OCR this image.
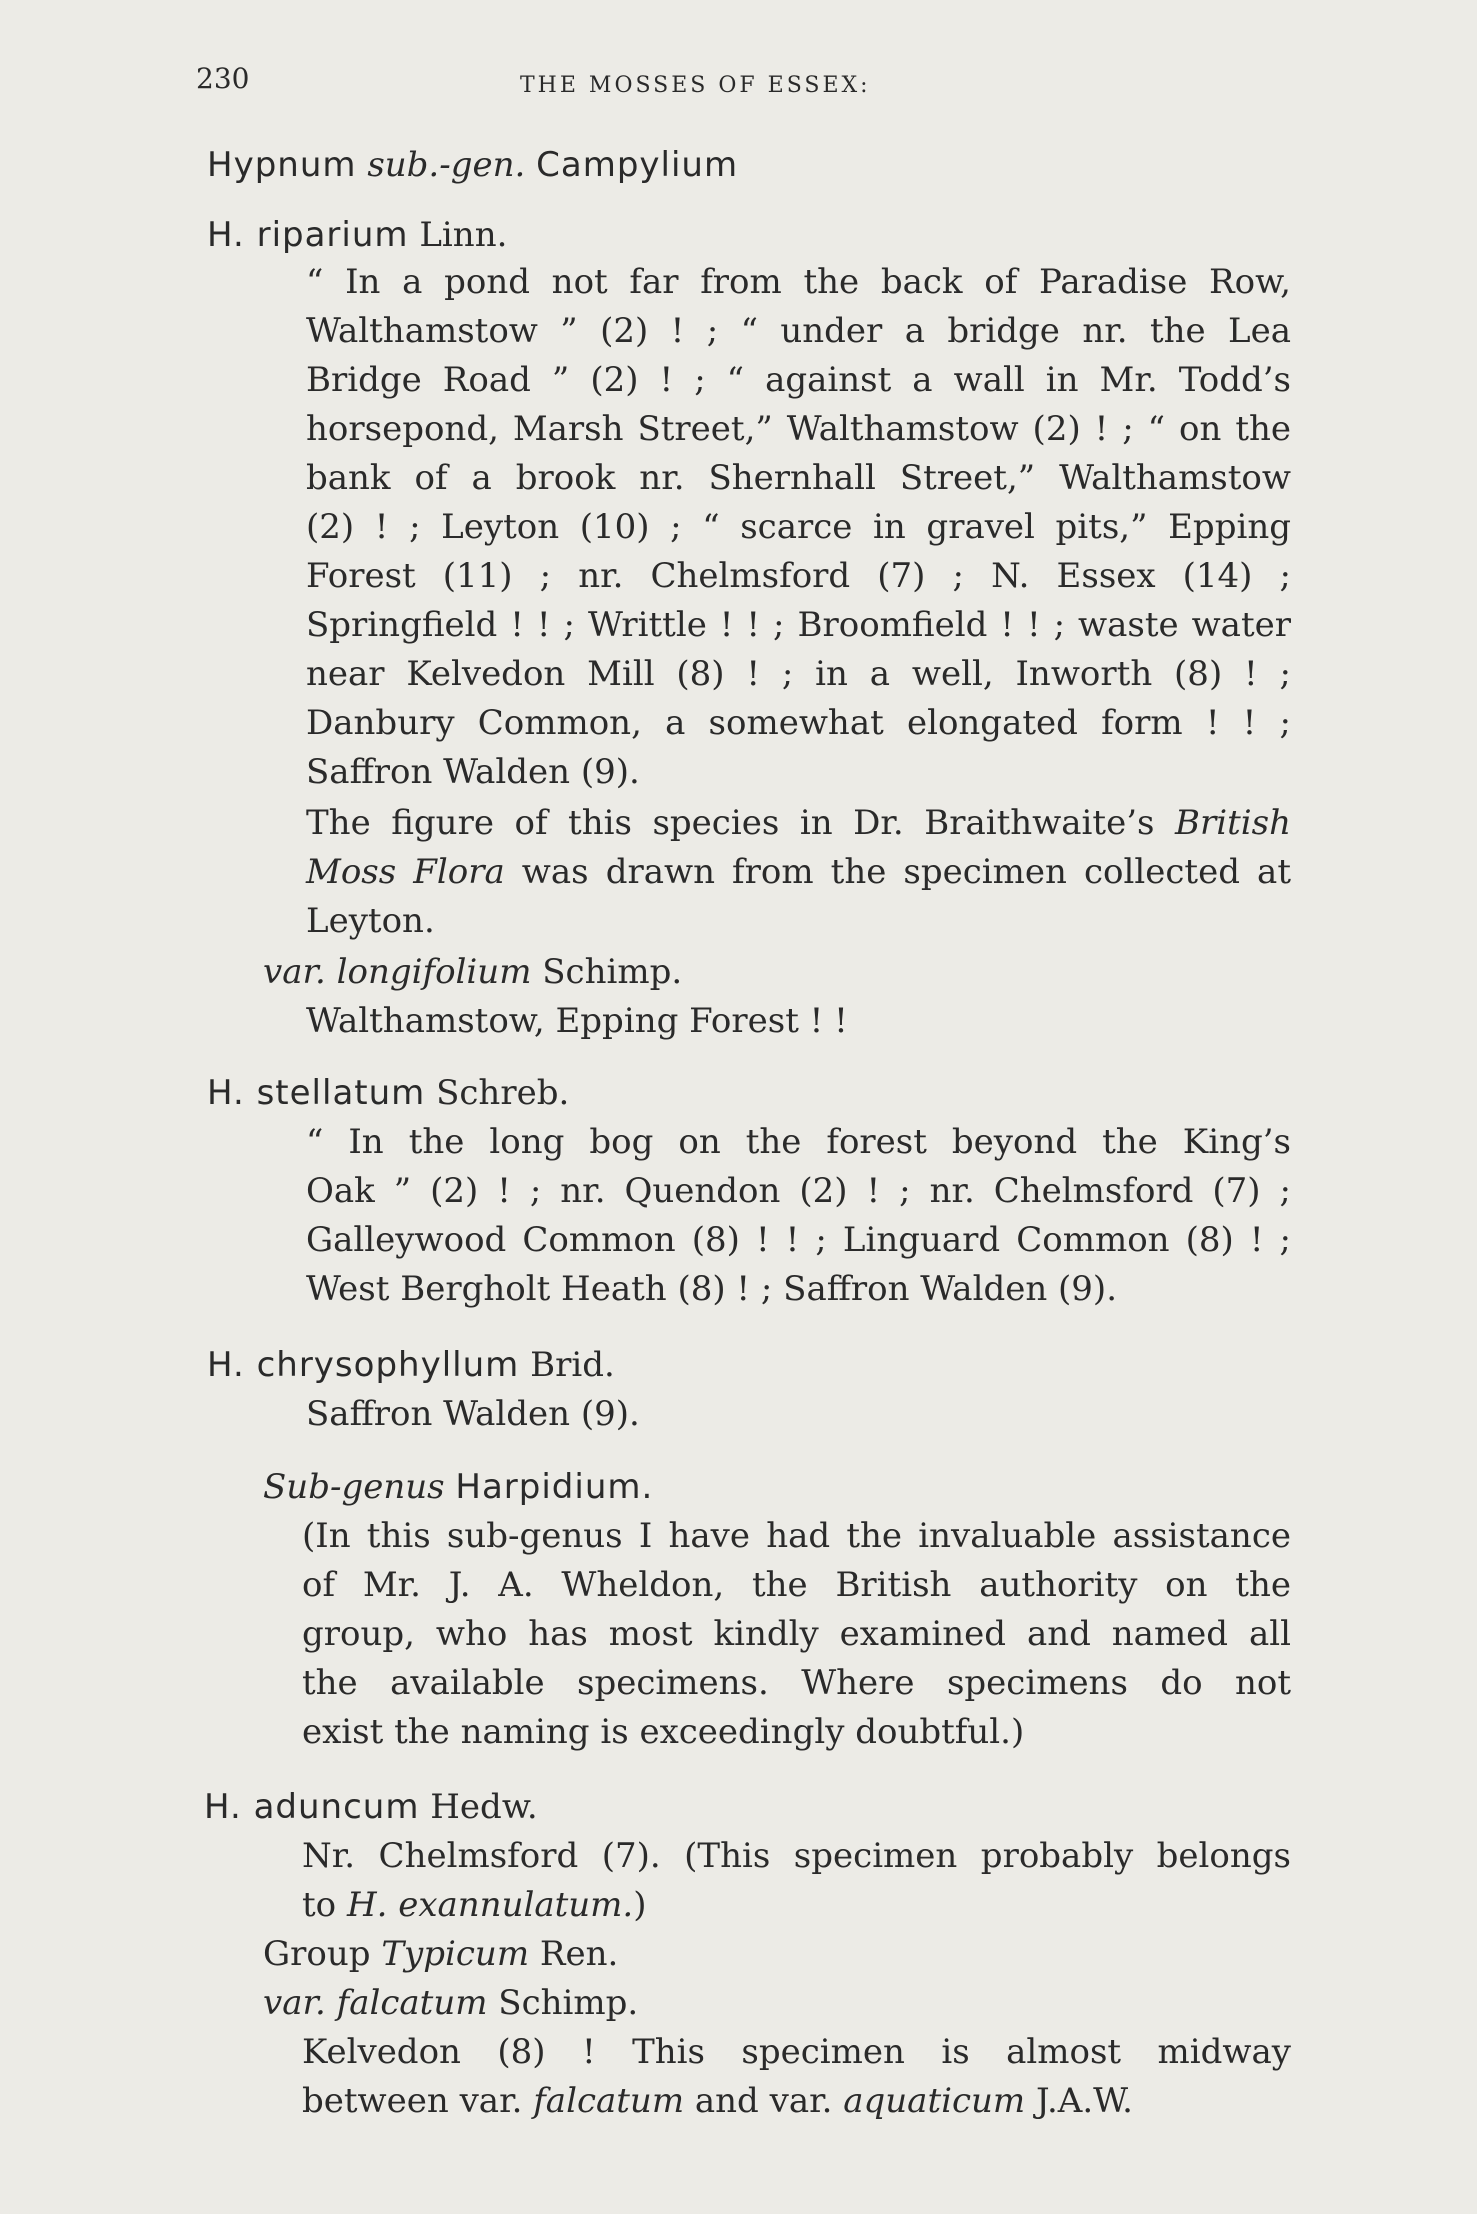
230	THE MOSSES OF ESSEX:
Hypnum sub.-gen. Campylium
H. riparium Linn.
“ In a pond not far from the back of Paradise Row,
Walthamstow ” (2) ! ; “ under a bridge nr. the Lea
Bridge Road ” (2) ! ; “ against a wall in Mr. Todd’s
horsepond, Marsh Street,” Walthamstow (2) ! ; “ on the
bank of a brook nr. Shernhall Street,” Walthamstow
(2) ! ; Leyton (10) ; “ scarce in gravel pits,” Epping
Forest (11) ; nr. Chelmsford (7) ; N. Essex (14) ;
Springfield ! ! ; Writtle ! ! ; Broomfield ! ! ; waste water
near Kelvedon Mill (8) ! ; in a well, Inworth (8) ! ;
Danbury Common, a somewhat elongated form ! ! ;
Saffron Walden (9).
The figure of this species in Dr. Braithwaite’s British
Moss Flora was drawn from the specimen collected at
Leyton.
var. longifolium Schimp.
Walthamstow, Epping Forest ! !
H. stellatum Schreb.
“ In the long bog on the forest beyond the King’s
Oak ” (2) ! ; nr. Quendon (2) ! ; nr. Chelmsford (7) ;
Galleywood Common (8) ! ! ; Linguard Common (8) ! ;
West Bergholt Heath (8) ! ; Saffron Walden (9).
H. chrysophyllum Brid.
Saffron Walden (9).
Sub-genus Harpidium.
(In this sub-genus I have had the invaluable assistance
of Mr. J. A. Wheldon, the British authority on the
group, who has most kindly examined and named all
the available specimens. Where specimens do not
exist the naming is exceedingly doubtful.)
H. aduncum Hedw.
Nr. Chelmsford (7). (This specimen probably belongs
to H. exannulatum.)
Group Typicum Ren.
var. falcatum Schimp.
Kelvedon (8) ! This specimen is almost midway
between var. falcatum and var. aquaticum J.A.W.
